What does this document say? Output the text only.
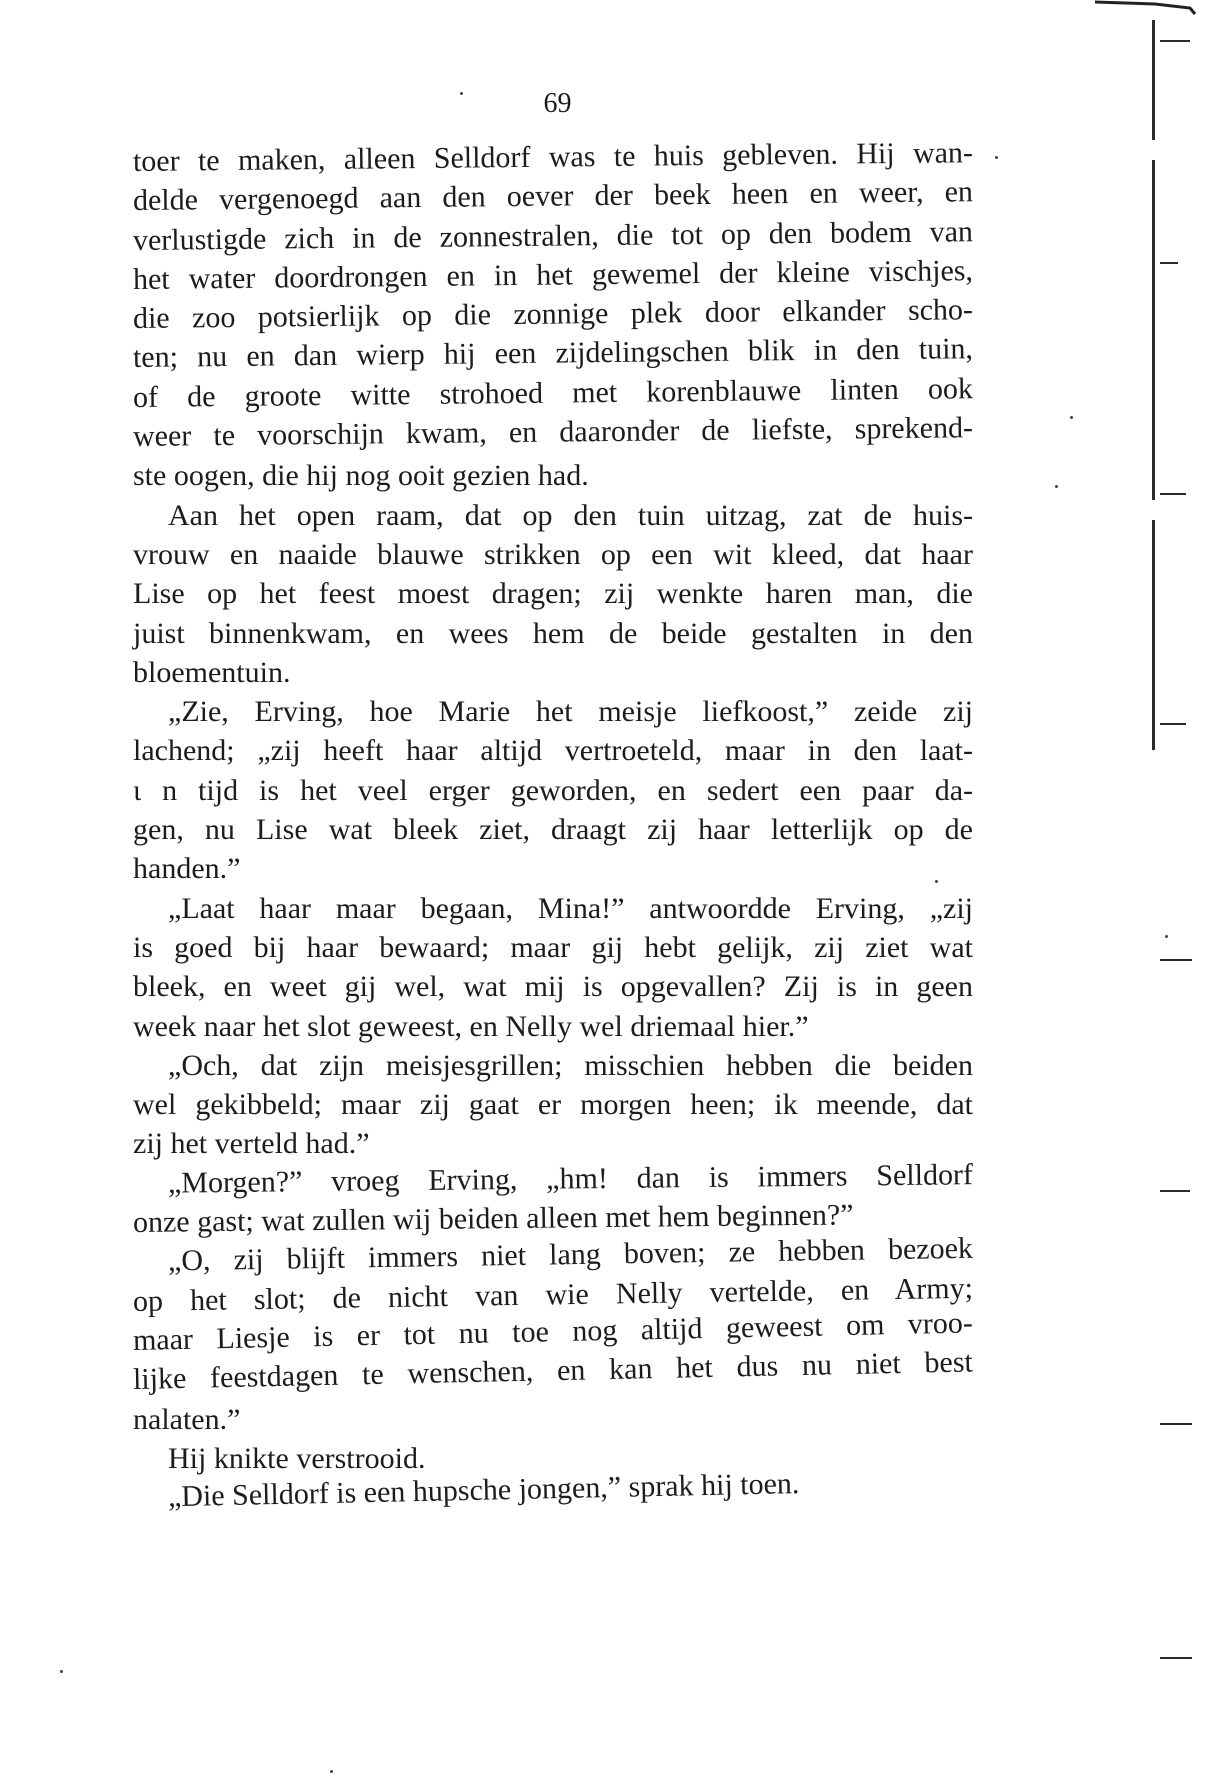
69
toer te maken, alleen Selldorf was te huis gebleven. Hij wan-
delde vergenoegd aan den oever der beek heen en weer, en
verlustigde zich in de zonnestralen, die tot op den bodem van
het water doordrongen en in het gewemel der kleine vischjes,
die zoo potsierlijk op die zonnige plek door elkander scho-
ten; nu en dan wierp hij een zijdelingschen blik in den tuin,
of de groote witte strohoed met korenblauwe linten ook
weer te voorschijn kwam, en daaronder de liefste, sprekend-
ste oogen, die hij nog ooit gezien had.
Aan het open raam, dat op den tuin uitzag, zat de huis-
vrouw en naaide blauwe strikken op een wit kleed, dat haar
Lise op het feest moest dragen; zij wenkte haren man, die
juist binnenkwam, en wees hem de beide gestalten in den
bloementuin.
„Zie, Erving, hoe Marie het meisje liefkoost,” zeide zij
lachend; „zij heeft haar altijd vertroeteld, maar in den laat-
ɩ n tijd is het veel erger geworden, en sedert een paar da-
gen, nu Lise wat bleek ziet, draagt zij haar letterlijk op de
handen.”
„Laat haar maar begaan, Mina!” antwoordde Erving, „zij
is goed bij haar bewaard; maar gij hebt gelijk, zij ziet wat
bleek, en weet gij wel, wat mij is opgevallen? Zij is in geen
week naar het slot geweest, en Nelly wel driemaal hier.”
„Och, dat zijn meisjesgrillen; misschien hebben die beiden
wel gekibbeld; maar zij gaat er morgen heen; ik meende, dat
zij het verteld had.”
„Morgen?” vroeg Erving, „hm! dan is immers Selldorf
onze gast; wat zullen wij beiden alleen met hem beginnen?”
„O, zij blijft immers niet lang boven; ze hebben bezoek
op het slot; de nicht van wie Nelly vertelde, en Army;
maar Liesje is er tot nu toe nog altijd geweest om vroo-
lijke feestdagen te wenschen, en kan het dus nu niet best
nalaten.”
Hij knikte verstrooid.
„Die Selldorf is een hupsche jongen,” sprak hij toen.
